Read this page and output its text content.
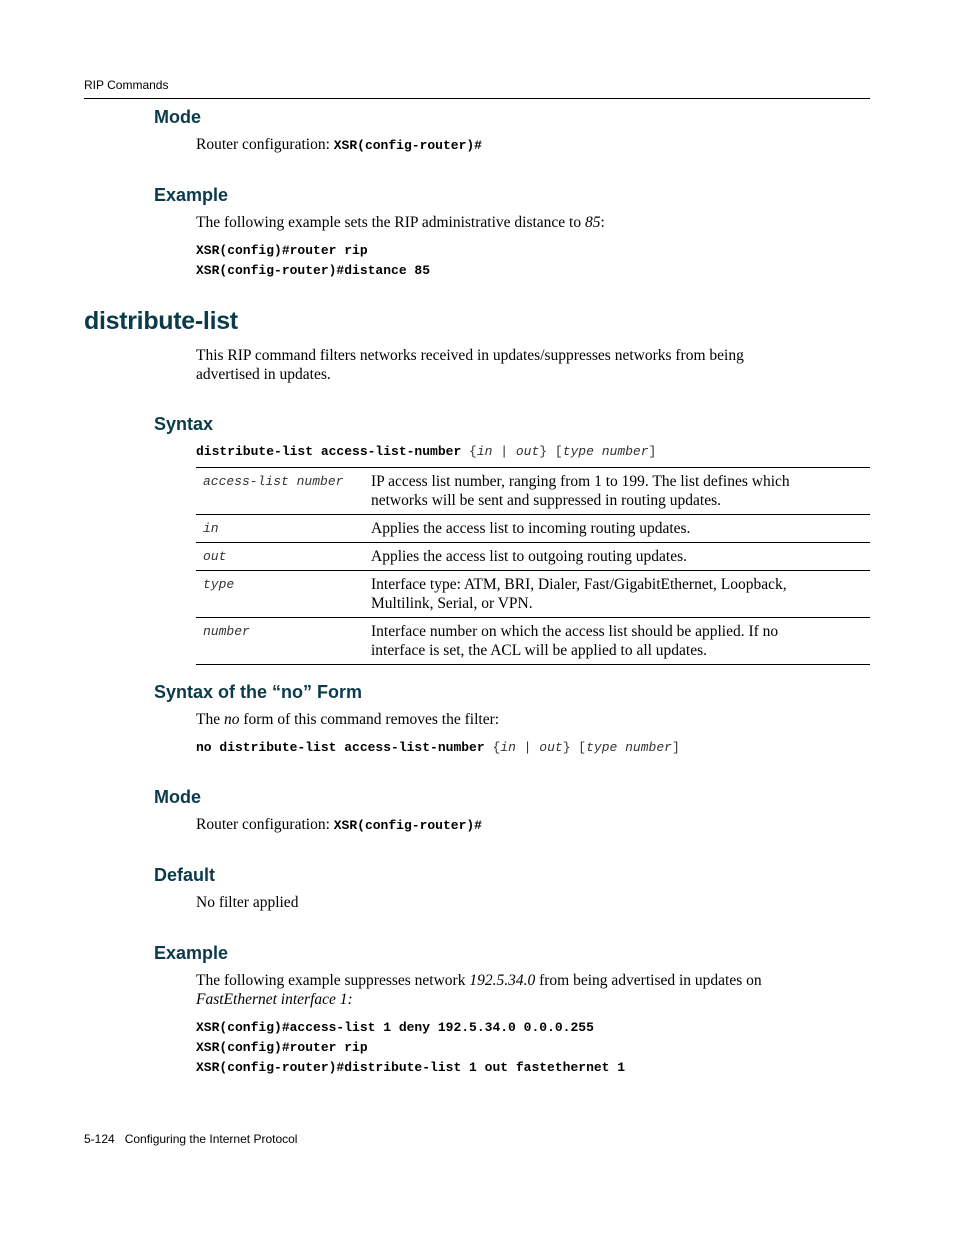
RIP Commands
Mode
Router configuration: XSR(config-router)#
Example
The following example sets the RIP administrative distance to 85:
XSR(config)#router rip
XSR(config-router)#distance 85
distribute-list
This RIP command filters networks received in updates/suppresses networks from being
advertised in updates.
Syntax
distribute-list access-list-number {in | out} [type number]
access-list number	IP access list number, ranging from 1 to 199. The list defines which
networks will be sent and suppressed in routing updates.

in	Applies the access list to incoming routing updates.

out	Applies the access list to outgoing routing updates.

type	Interface type: ATM, BRI, Dialer, Fast/GigabitEthernet, Loopback,
Multilink, Serial, or VPN.

number	Interface number on which the access list should be applied. If no
interface is set, the ACL will be applied to all updates.
Syntax of the “no” Form
The no form of this command removes the filter:
no distribute-list access-list-number {in | out} [type number]
Mode
Router configuration: XSR(config-router)#
Default
No filter applied
Example
The following example suppresses network 192.5.34.0 from being advertised in updates on
FastEthernet interface 1:
XSR(config)#access-list 1 deny 192.5.34.0 0.0.0.255
XSR(config)#router rip
XSR(config-router)#distribute-list 1 out fastethernet 1
5-124   Configuring the Internet Protocol
